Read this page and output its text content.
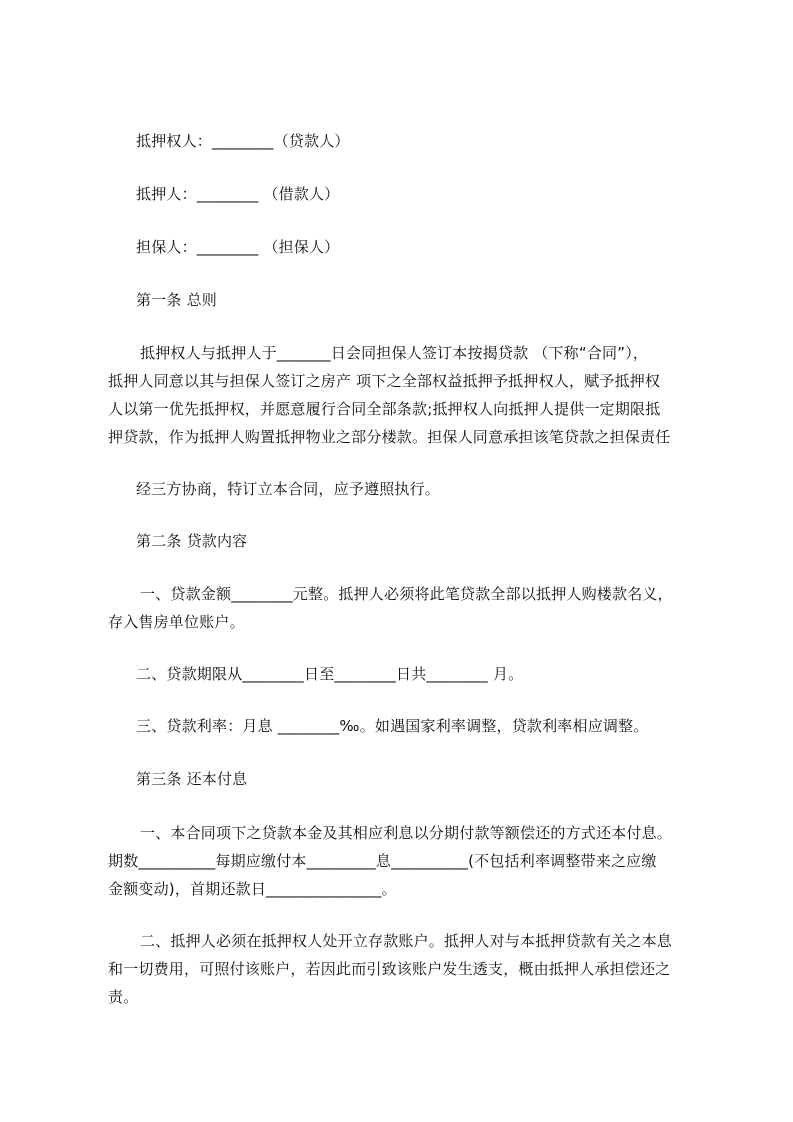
抵押权人：________（贷款人）
抵押人：________ （借款人）
担保人：________ （担保人）
第一条 总则
抵押权人与抵押人于_______日会同担保人签订本按揭贷款 （下称“合同”），
抵押人同意以其与担保人签订之房产 项下之全部权益抵押予抵押权人，赋予抵押权
人以第一优先抵押权，并愿意履行合同全部条款;抵押权人向抵押人提供一定期限抵
押贷款，作为抵押人购置抵押物业之部分楼款。担保人同意承担该笔贷款之担保责任
经三方协商，特订立本合同，应予遵照执行。
第二条 贷款内容
一、贷款金额________元整。抵押人必须将此笔贷款全部以抵押人购楼款名义，
存入售房单位账户。
二、贷款期限从________日至________日共________ 月。
三、贷款利率：月息 ________‰。如遇国家利率调整，贷款利率相应调整。
第三条 还本付息
一、本合同项下之贷款本金及其相应利息以分期付款等额偿还的方式还本付息。
期数__________每期应缴付本_________息__________(不包括利率调整带来之应缴
金额变动)，首期还款日_______________。
二、抵押人必须在抵押权人处开立存款账户。抵押人对与本抵押贷款有关之本息
和一切费用，可照付该账户，若因此而引致该账户发生透支，概由抵押人承担偿还之
责。
